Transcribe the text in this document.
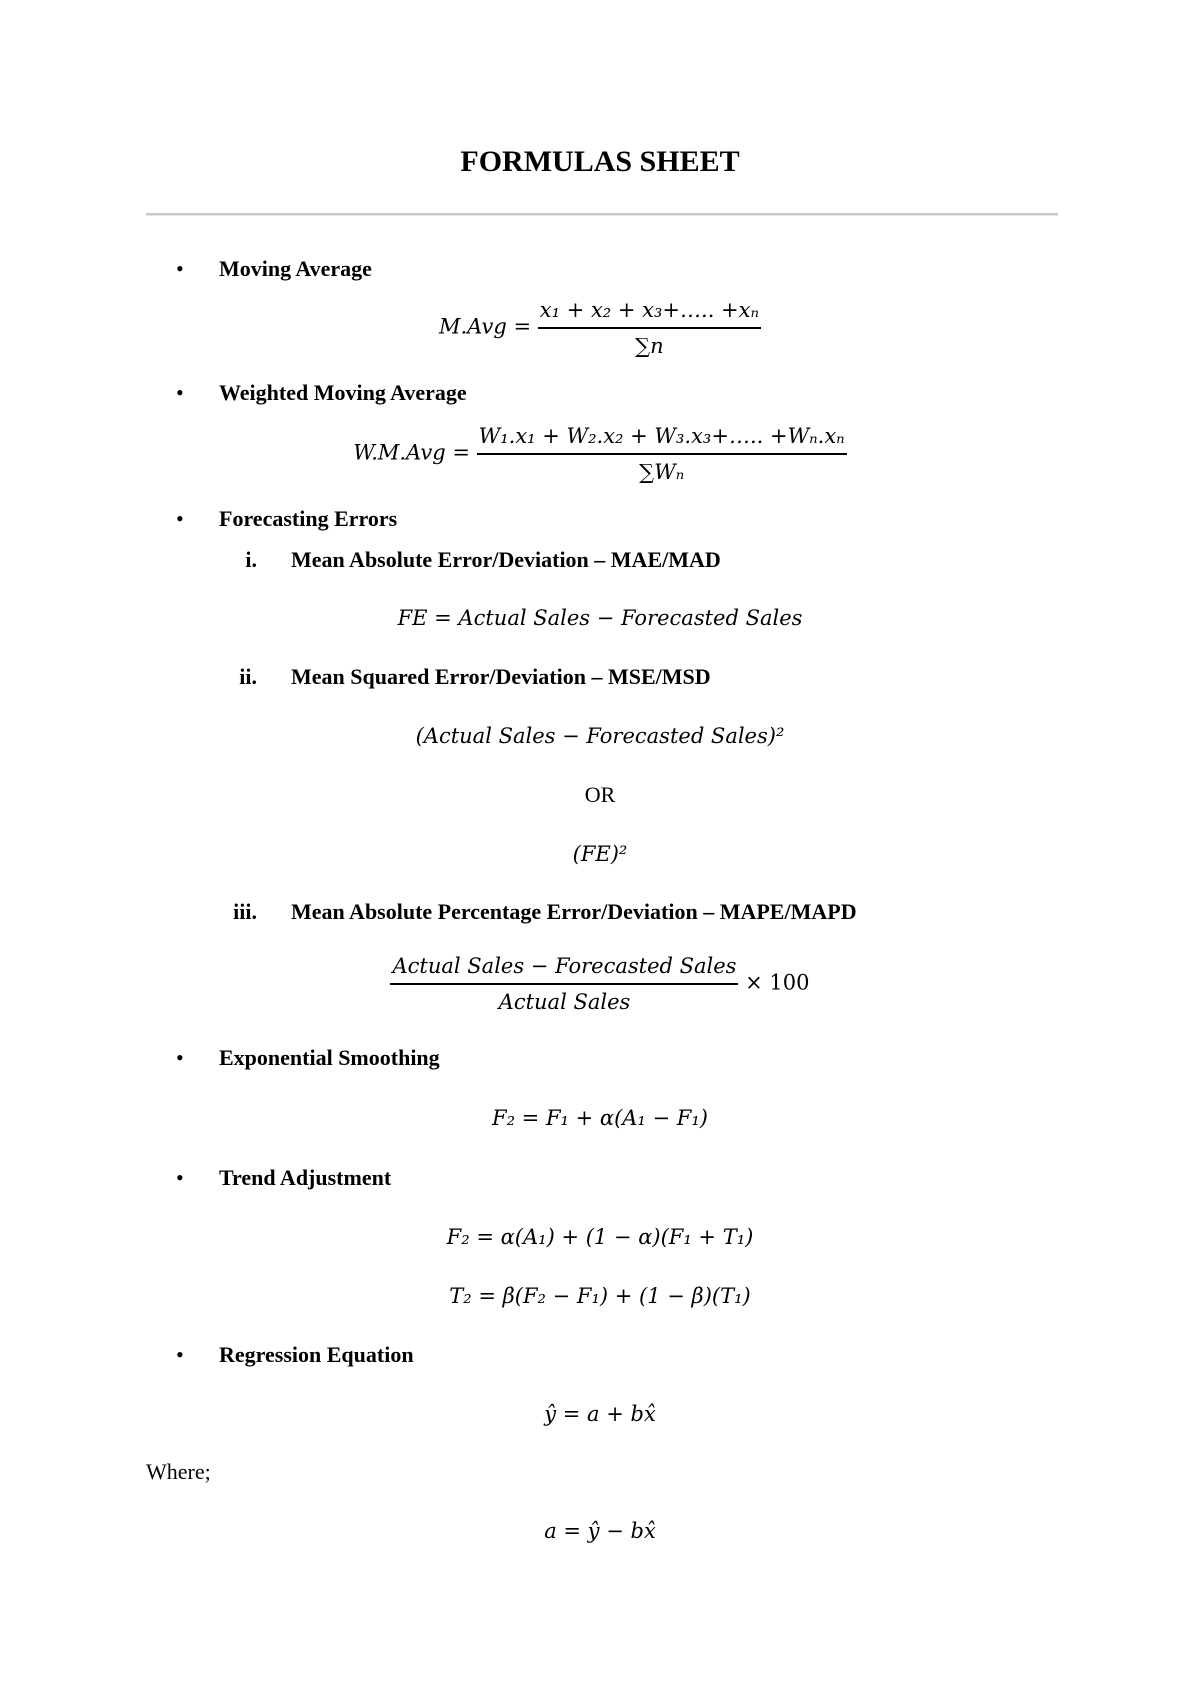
FORMULAS SHEET
• Moving Average
$M.Avg = \frac{\text{x₁ + x₂ + x₃+….. +xₙ}}{\sum n}$
• Weighted Moving Average
$W.M.Avg = \frac{\text{W₁.x₁ + W₂.x₂ + W₃.x₃+….. +Wₙ.xₙ}}{\text{∑Wₙ}}$
• Forecasting Errors
i. Mean Absolute Error/Deviation – MAE/MAD
FE = Actual Sales − Forecasted Sales
ii. Mean Squared Error/Deviation – MSE/MSD
(Actual Sales − Forecasted Sales)²
OR
(FE)²
iii. Mean Absolute Percentage Error/Deviation – MAPE/MAPD
$\frac{\text{Actual Sales − Forecasted Sales}}{\text{Actual Sales}} \times 100$
• Exponential Smoothing
F₂ = F₁ + α(A₁ − F₁)
• Trend Adjustment
F₂ = α(A₁) + (1 − α)(F₁ + T₁)
T₂ = β(F₂ − F₁) + (1 − β)(T₁)
• Regression Equation
ŷ = a + bx̂
Where;
a = ŷ − bx̂
